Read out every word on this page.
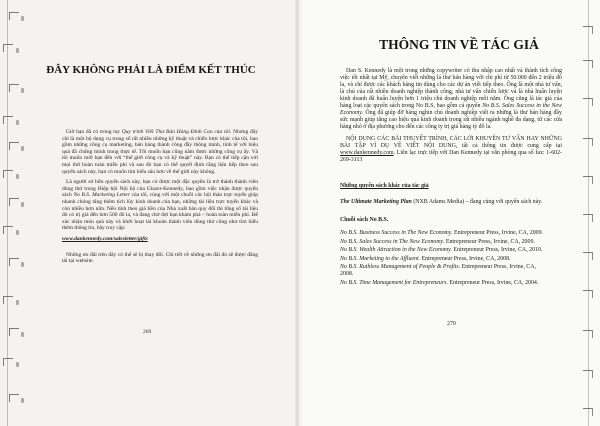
ĐÂY KHÔNG PHẢI LÀ ĐIỂM KẾT THÚC

Giờ bạn đã có trong tay Quy trình Viết Thư Bán Hàng Đỉnh Cao của tôi. Nhưng đây chỉ là một bộ dụng cụ trong số rất nhiều những kỹ thuật và chiến lược khác của tôi, bao gồm những công cụ marketing, bán hàng thành công đầy thông minh, tinh tế với hiệu quả đã chứng minh trong thực tế. Tôi muốn bạn cũng nắm được những công cụ ấy. Và tôi muốn mời bạn đến với “thế giới công cụ và kỹ thuật” này. Bạn có thể tiếp cận với mọi thứ hoàn toàn miễn phí và sau đó bạn có thể quyết định rằng liệu tiếp theo sau quyển sách này, bạn có muốn tìm hiểu sâu hơn về thế giới này không.

Là người sở hữu quyển sách này, bạn có được một đặc quyền là trở thành thành viên dùng thử trong Hiệp hội Nội bộ của Glazer-Kennedy, bao gồm việc nhận được quyển sách No B.S. Marketing Letter của tôi, cùng với một chuỗi các hội thảo trực tuyến giúp nhanh chóng tăng thêm tích lũy kinh doanh của bạn, những tài liệu trực tuyến khác và còn nhiều hơn nữa. Nếu tính theo giá tiền của Nhà xuất bản quy đổi thì tổng số tài liệu đó có trị giá đến hơn 500 đô la, và đang chờ đợi bạn khám phá – hoàn toàn miễn phí. Để xác nhận món quà này và khởi hoạt tài khoản thành viên dùng thử cũng như tìm hiểu thêm thông tin, hãy truy cập:

www.dankennedy.com/salesletter/gifts

Những ưu đãi trên đây có thể sẽ bị thay đổi. Chi tiết về những ưu đãi đó sẽ được đăng tải tại website.

269
THÔNG TIN VỀ TÁC GIẢ

Dan S. Kennedy là một trong những copywriter có thu nhập cao nhất và thành tích công việc tốt nhất tại Mỹ, chuyên viết những lá thư bán hàng với chi phí từ 50.000 đến 2 triệu đô la, và chỉ được các khách hàng tin dùng cho các dự án viết tiếp theo. Ông là một nhà tư vấn, là chủ của rất nhiều doanh nghiệp thành công, nhà tư vấn chiến lược và là nhà huấn luyện kinh doanh đã huấn luyện hơn 1 triệu chủ doanh nghiệp mỗi năm. Ông cũng là tác giả của hàng loạt các quyển sách trong No B.S, bao gồm cả quyển No B.S. Sales Success in the New Economy. Ông đã giúp đỡ hàng nghìn chủ doanh nghiệp viết ra những lá thư bán hàng đầy sức mạnh giúp tăng cao hiệu quả kinh doanh trong rất nhiều ngành nghề đa dạng, từ các cửa hàng nhỏ ở địa phương cho đến các công ty trị giá hàng tỷ đô la.

NỘI DUNG CÁC BÀI THUYẾT TRÌNH, CÁC LỜI KHUYÊN TƯ VẤN HAY NHỮNG BÀI TẬP VÍ DỤ VỀ VIẾT NỘI DUNG, tất cả thông tin được cung cấp tại www.dankennedy.com. Liên lạc trực tiếp với Dan Kennedy tại văn phòng qua số fax: 1-602-269-3113

Những quyển sách khác của tác giả

The Ultimate Marketing Plan (NXB Adams Media) – đang cùng với quyển sách này.

Chuỗi sách No B.S.

No B.S. Business Success in The New Economy. Entrepreneur Press, Irvine, CA, 2009.
No B.S. Sales Success in The New Economy. Entrepreneur Press, Irvine, CA, 2009.
No B.S. Wealth Attraction in the New Economy. Entrepreneur Press, Irvine, CA, 2010.
No B.S. Marketing to the Affluent. Entrepreneur Press, Irvine, CA, 2008.
No B.S. Ruthless Management of People & Profits. Entrepreneur Press, Irvine, CA, 2008.
No B.S. Time Management for Entrepreneurs. Entrepreneur Press, Irvine, CA, 2004.
270
